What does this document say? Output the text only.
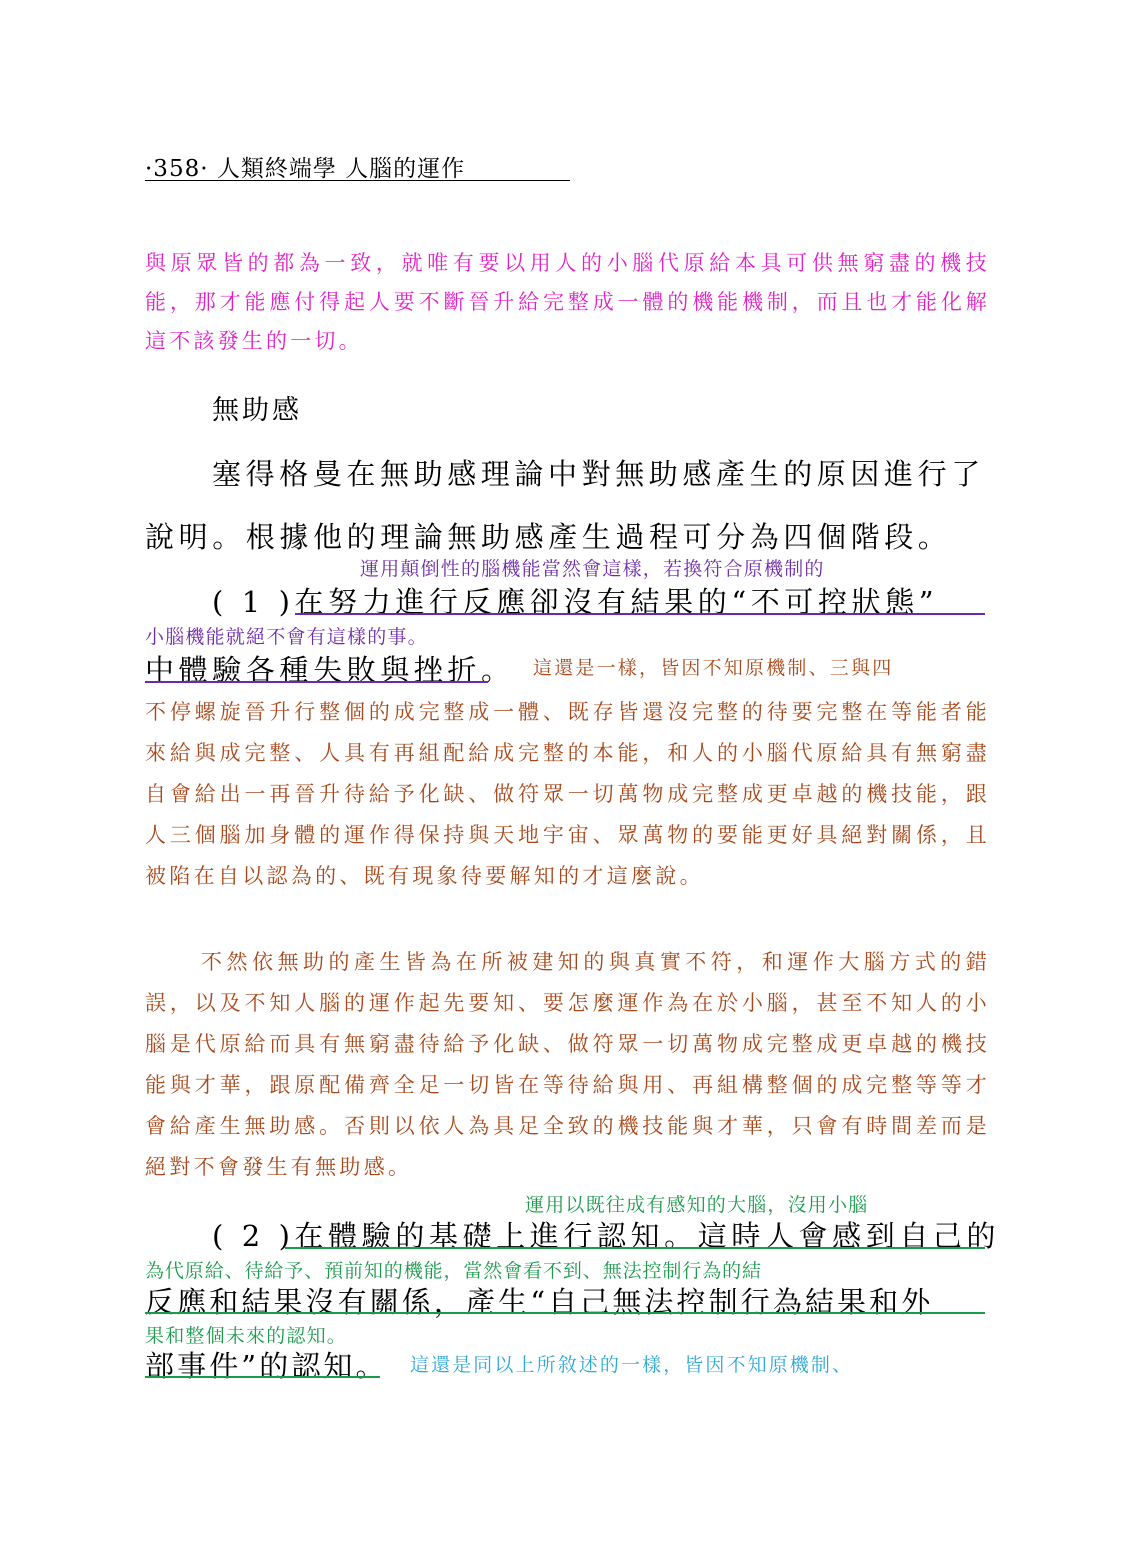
·358· 人類終端學 人腦的運作
與原眾皆的都為一致，就唯有要以用人的小腦代原給本具可供無窮盡的機技能，那才能應付得起人要不斷晉升給完整成一體的機能機制，而且也才能化解這不該發生的一切。
無助感
塞得格曼在無助感理論中對無助感產生的原因進行了
說明。根據他的理論無助感產生過程可分為四個階段。
運用顛倒性的腦機能當然會這樣，若換符合原機制的
( 1 )在努力進行反應卻沒有結果的“不可控狀態”
小腦機能就絕不會有這樣的事。
中體驗各種失敗與挫折。 這還是一樣，皆因不知原機制、三與四
不停螺旋晉升行整個的成完整成一體、既存皆還沒完整的待要完整在等能者能來給與成完整、人具有再組配給成完整的本能，和人的小腦代原給具有無窮盡自會給出一再晉升待給予化缺、做符眾一切萬物成完整成更卓越的機技能，跟人三個腦加身體的運作得保持與天地宇宙、眾萬物的要能更好具絕對關係，且被陷在自以認為的、既有現象待要解知的才這麼說。
不然依無助的產生皆為在所被建知的與真實不符，和運作大腦方式的錯誤，以及不知人腦的運作起先要知、要怎麼運作為在於小腦，甚至不知人的小腦是代原給而具有無窮盡待給予化缺、做符眾一切萬物成完整成更卓越的機技能與才華，跟原配備齊全足一切皆在等待給與用、再組構整個的成完整等等才會給產生無助感。否則以依人為具足全致的機技能與才華，只會有時間差而是絕對不會發生有無助感。
運用以既往成有感知的大腦，沒用小腦
( 2 )在體驗的基礎上進行認知。這時人會感到自己的
為代原給、待給予、預前知的機能，當然會看不到、無法控制行為的結
反應和結果沒有關係，產生“自己無法控制行為結果和外
果和整個未來的認知。
部事件”的認知。 這還是同以上所敘述的一樣，皆因不知原機制、
